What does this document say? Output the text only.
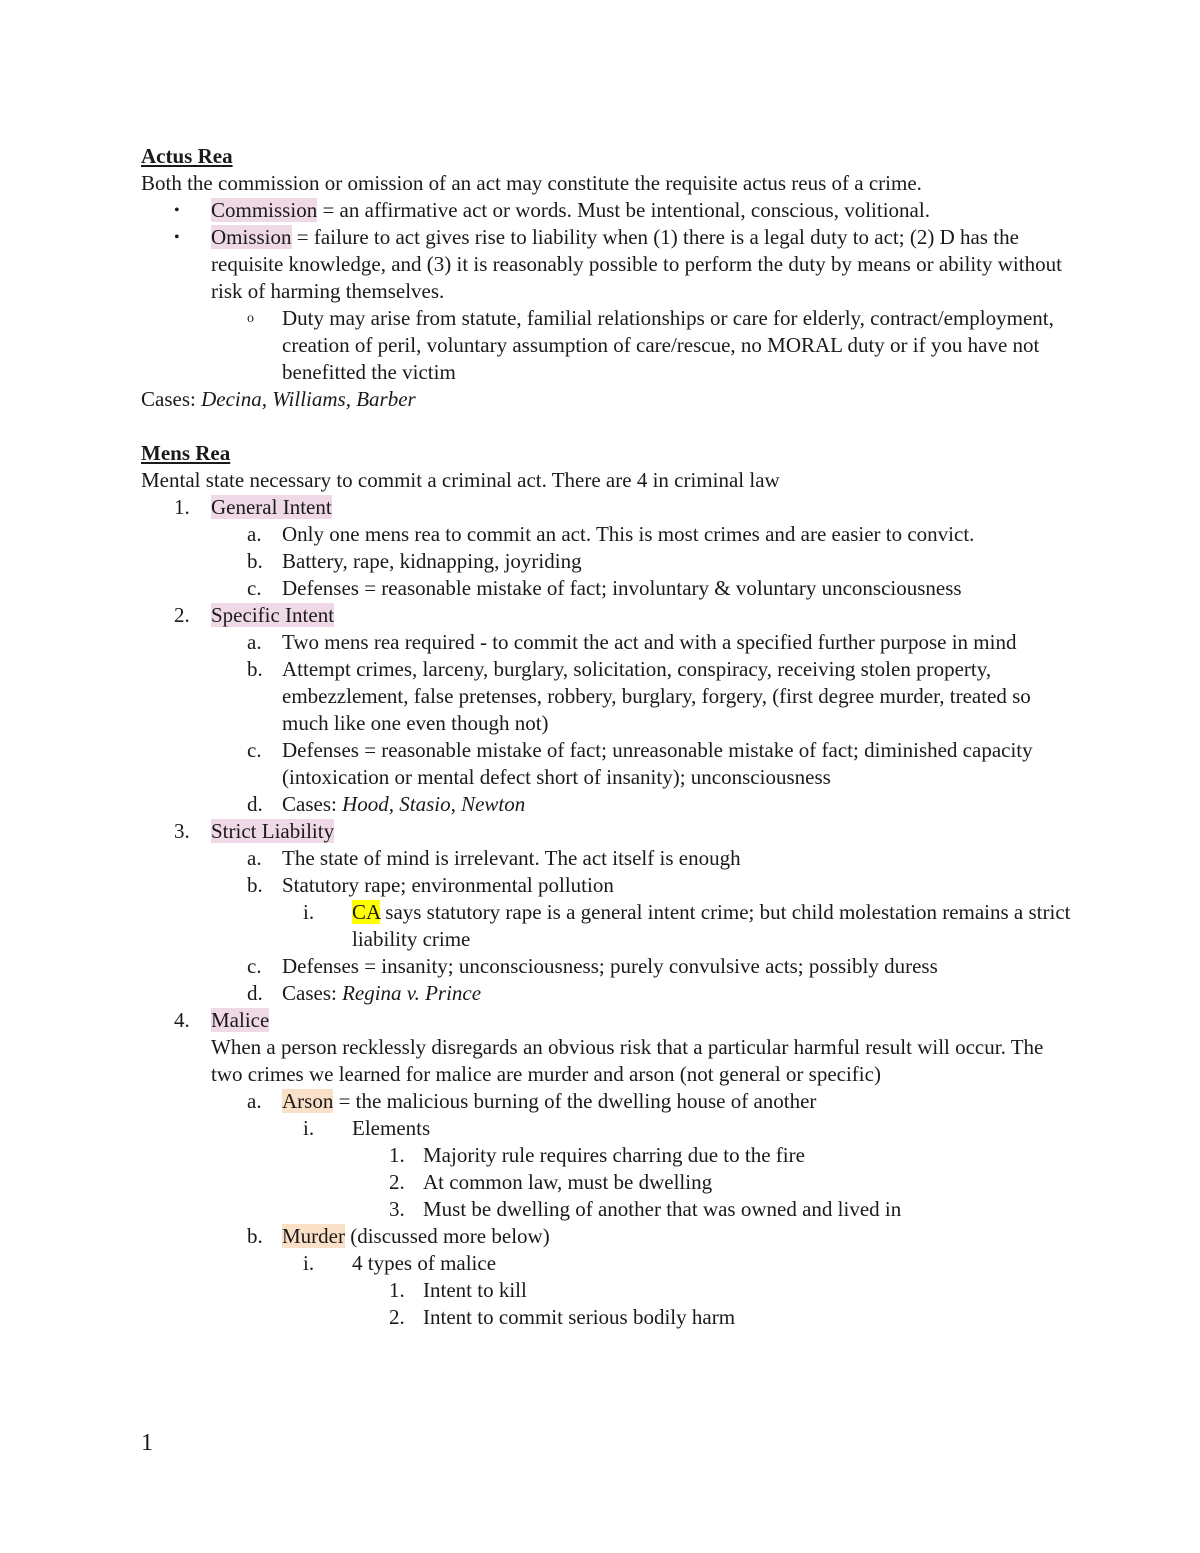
Actus Rea
Both the commission or omission of an act may constitute the requisite actus reus of a crime.
• Commission = an affirmative act or words. Must be intentional, conscious, volitional.
• Omission = failure to act gives rise to liability when (1) there is a legal duty to act; (2) D has the requisite knowledge, and (3) it is reasonably possible to perform the duty by means or ability without risk of harming themselves.
o Duty may arise from statute, familial relationships or care for elderly, contract/employment, creation of peril, voluntary assumption of care/rescue, no MORAL duty or if you have not benefitted the victim
Cases: Decina, Williams, Barber
Mens Rea
Mental state necessary to commit a criminal act. There are 4 in criminal law
1. General Intent
a. Only one mens rea to commit an act. This is most crimes and are easier to convict.
b. Battery, rape, kidnapping, joyriding
c. Defenses = reasonable mistake of fact; involuntary & voluntary unconsciousness
2. Specific Intent
a. Two mens rea required - to commit the act and with a specified further purpose in mind
b. Attempt crimes, larceny, burglary, solicitation, conspiracy, receiving stolen property, embezzlement, false pretenses, robbery, burglary, forgery, (first degree murder, treated so much like one even though not)
c. Defenses = reasonable mistake of fact; unreasonable mistake of fact; diminished capacity (intoxication or mental defect short of insanity); unconsciousness
d. Cases: Hood, Stasio, Newton
3. Strict Liability
a. The state of mind is irrelevant. The act itself is enough
b. Statutory rape; environmental pollution
i. CA says statutory rape is a general intent crime; but child molestation remains a strict liability crime
c. Defenses = insanity; unconsciousness; purely convulsive acts; possibly duress
d. Cases: Regina v. Prince
4. Malice
When a person recklessly disregards an obvious risk that a particular harmful result will occur. The two crimes we learned for malice are murder and arson (not general or specific)
a. Arson = the malicious burning of the dwelling house of another
i. Elements
1. Majority rule requires charring due to the fire
2. At common law, must be dwelling
3. Must be dwelling of another that was owned and lived in
b. Murder (discussed more below)
i. 4 types of malice
1. Intent to kill
2. Intent to commit serious bodily harm
1
